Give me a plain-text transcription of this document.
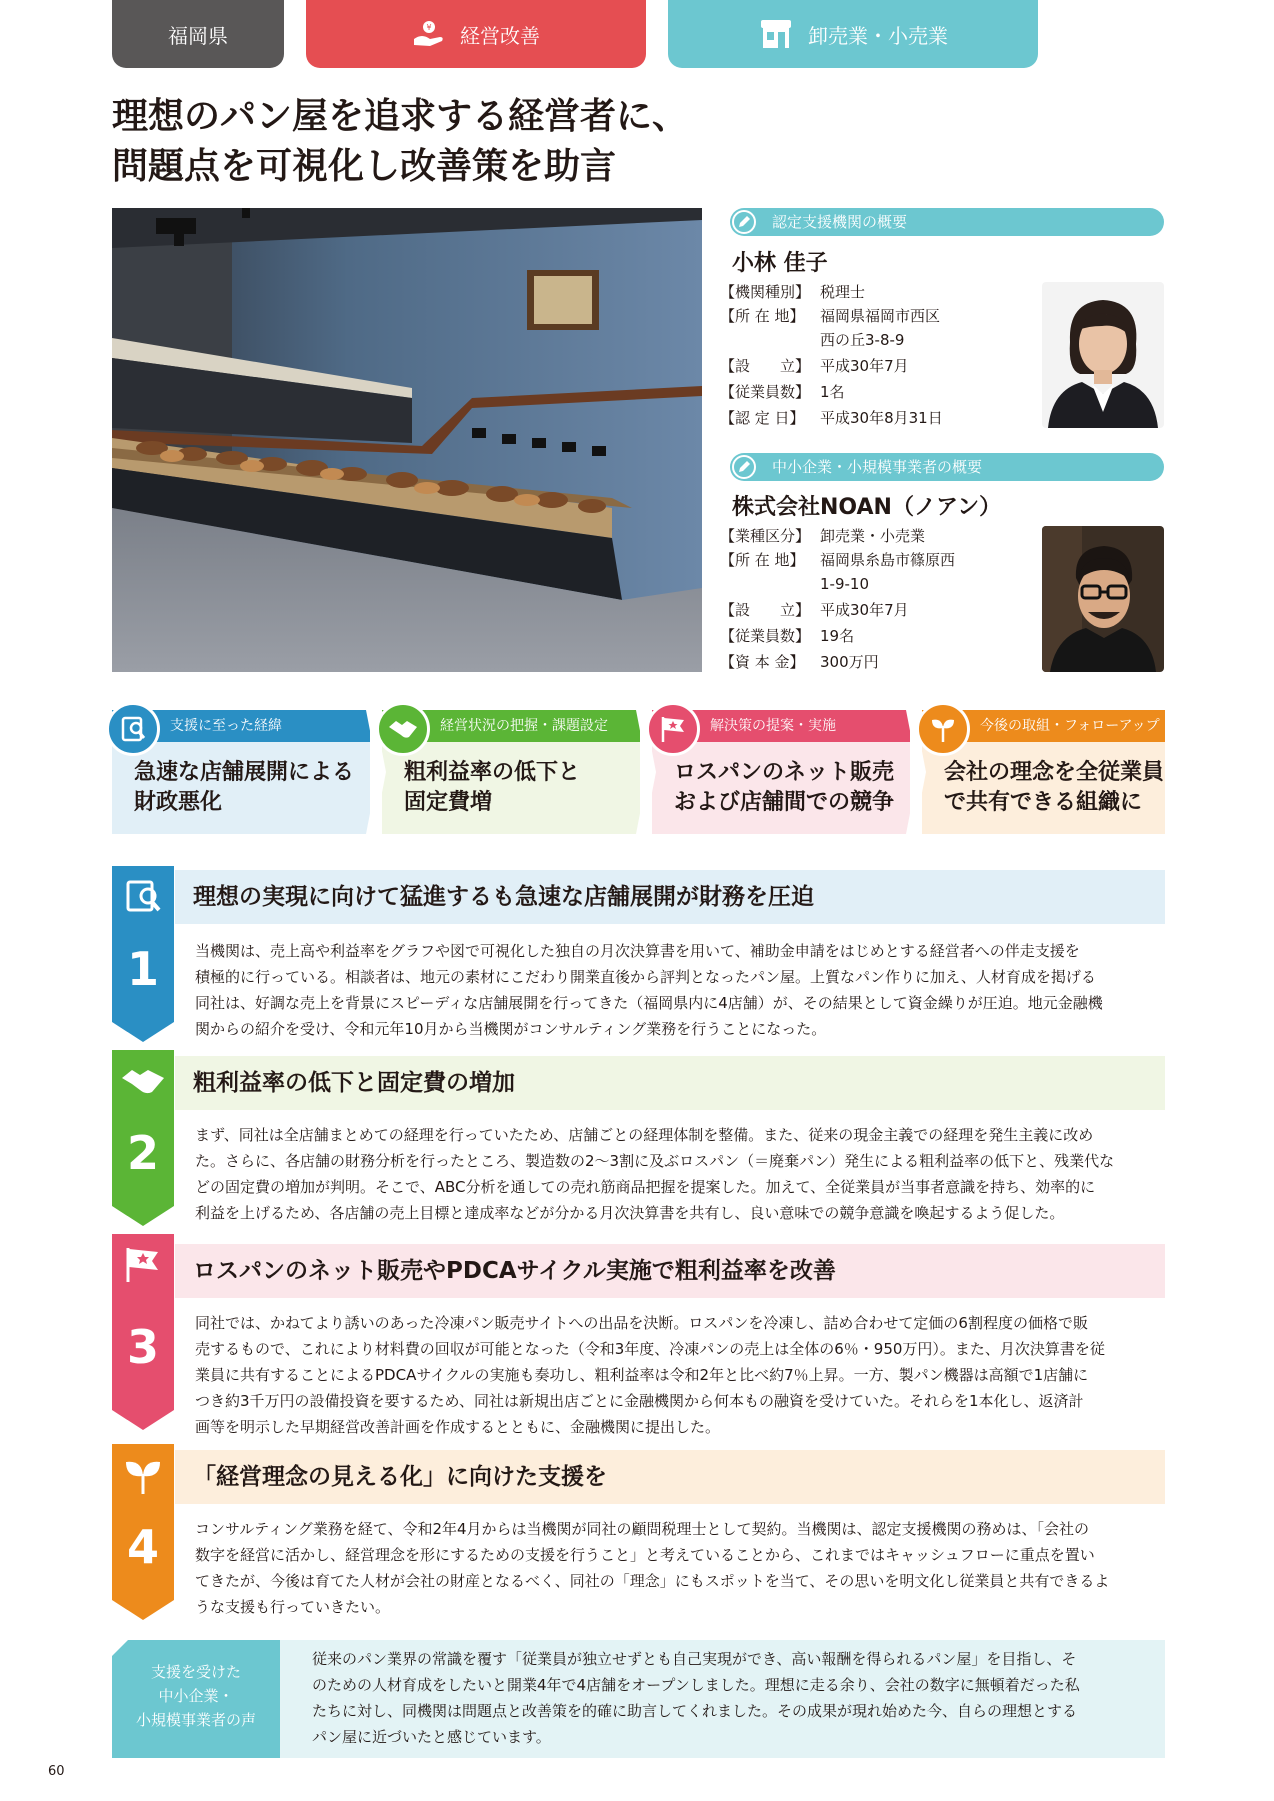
福岡県	¥ 経営改善	卸売業・小売業
理想のパン屋を追求する経営者に、
問題点を可視化し改善策を助言
認定支援機関の概要
小林 佳子
【機関種別】 税理士
【所 在 地】	福岡県福岡市西区
西の丘3-8-9
【設　　立】 平成30年7月
【従業員数】 1名
【認 定 日】	平成30年8月31日
中小企業・小規模事業者の概要
株式会社NOAN（ノアン）
【業種区分】 卸売業・小売業
【所 在 地】	福岡県糸島市篠原西
1-9-10
【設　　立】 平成30年7月
【従業員数】 19名
【資 本 金】	300万円
支援に至った経緯
急速な店舗展開による
財政悪化
経営状況の把握・課題設定
粗利益率の低下と
固定費増
解決策の提案・実施
ロスパンのネット販売
および店舗間での競争
今後の取組・フォローアップ
会社の理念を全従業員
で共有できる組織に
1
理想の実現に向けて猛進するも急速な店舗展開が財務を圧迫
当機関は、売上高や利益率をグラフや図で可視化した独自の月次決算書を用いて、補助金申請をはじめとする経営者への伴走支援を
積極的に行っている。相談者は、地元の素材にこだわり開業直後から評判となったパン屋。上質なパン作りに加え、人材育成を掲げる
同社は、好調な売上を背景にスピーディな店舗展開を行ってきた（福岡県内に4店舗）が、その結果として資金繰りが圧迫。地元金融機
関からの紹介を受け、令和元年10月から当機関がコンサルティング業務を行うことになった。
2
粗利益率の低下と固定費の増加
まず、同社は全店舗まとめての経理を行っていたため、店舗ごとの経理体制を整備。また、従来の現金主義での経理を発生主義に改め
た。さらに、各店舗の財務分析を行ったところ、製造数の2～3割に及ぶロスパン（＝廃棄パン）発生による粗利益率の低下と、残業代な
どの固定費の増加が判明。そこで、ABC分析を通しての売れ筋商品把握を提案した。加えて、全従業員が当事者意識を持ち、効率的に
利益を上げるため、各店舗の売上目標と達成率などが分かる月次決算書を共有し、良い意味での競争意識を喚起するよう促した。
3
ロスパンのネット販売やPDCAサイクル実施で粗利益率を改善
同社では、かねてより誘いのあった冷凍パン販売サイトへの出品を決断。ロスパンを冷凍し、詰め合わせて定価の6割程度の価格で販
売するもので、これにより材料費の回収が可能となった（令和3年度、冷凍パンの売上は全体の6％・950万円）。また、月次決算書を従
業員に共有することによるPDCAサイクルの実施も奏功し、粗利益率は令和2年と比べ約7％上昇。一方、製パン機器は高額で1店舗に
つき約3千万円の設備投資を要するため、同社は新規出店ごとに金融機関から何本もの融資を受けていた。それらを1本化し、返済計
画等を明示した早期経営改善計画を作成するとともに、金融機関に提出した。
4
「経営理念の見える化」に向けた支援を
コンサルティング業務を経て、令和2年4月からは当機関が同社の顧問税理士として契約。当機関は、認定支援機関の務めは、「会社の
数字を経営に活かし、経営理念を形にするための支援を行うこと」と考えていることから、これまではキャッシュフローに重点を置い
てきたが、今後は育てた人材が会社の財産となるべく、同社の「理念」にもスポットを当て、その思いを明文化し従業員と共有できるよ
うな支援も行っていきたい。
支援を受けた
中小企業・
小規模事業者の声
従来のパン業界の常識を覆す「従業員が独立せずとも自己実現ができ、高い報酬を得られるパン屋」を目指し、そ
のための人材育成をしたいと開業4年で4店舗をオープンしました。理想に走る余り、会社の数字に無頓着だった私
たちに対し、同機関は問題点と改善策を的確に助言してくれました。その成果が現れ始めた今、自らの理想とする
パン屋に近づいたと感じています。
60
